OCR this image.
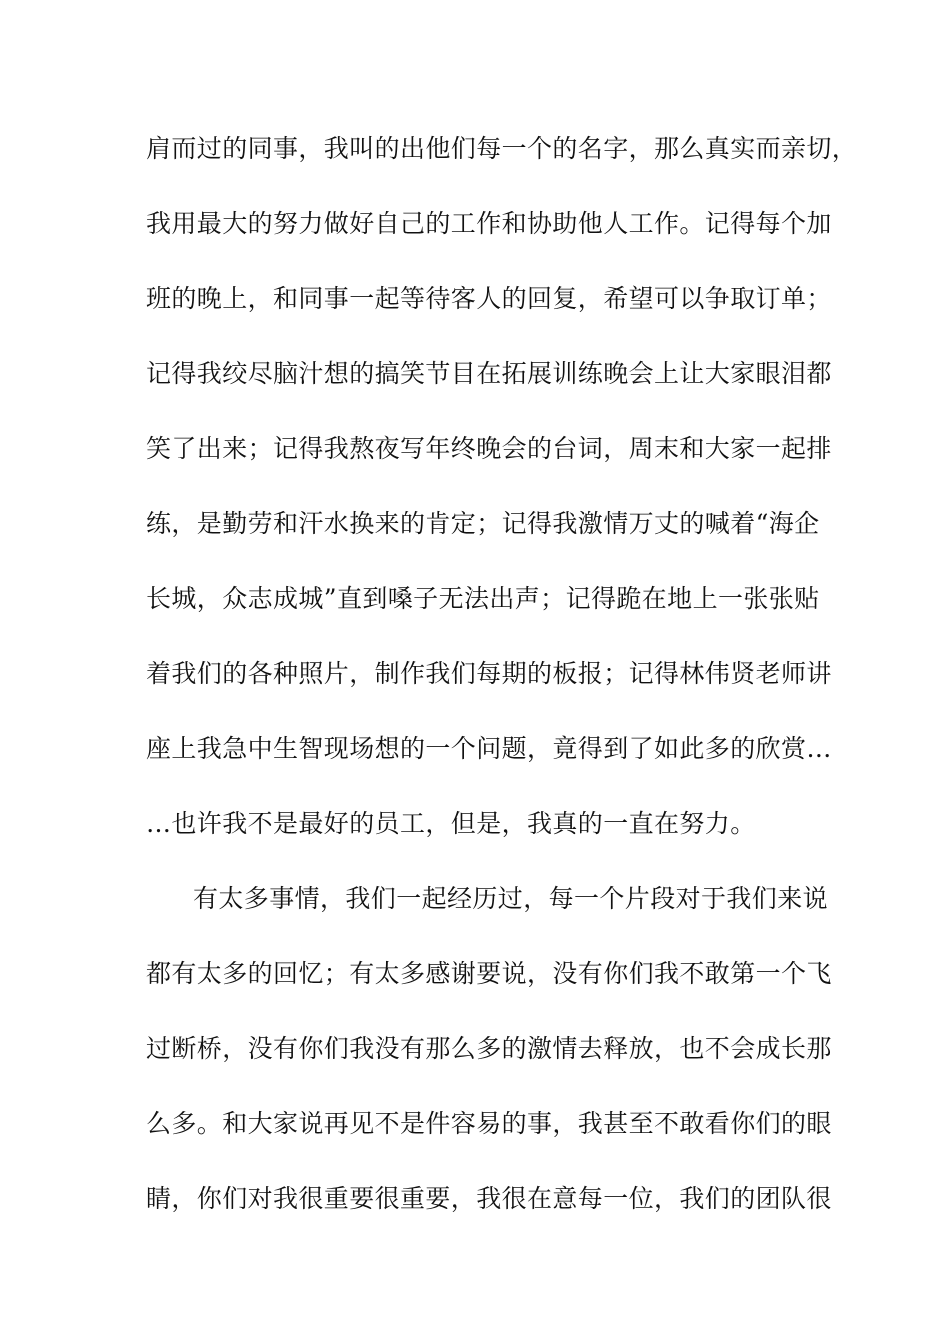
肩而过的同事，我叫的出他们每一个的名字，那么真实而亲切，
我用最大的努力做好自己的工作和协助他人工作。记得每个加
班的晚上，和同事一起等待客人的回复，希望可以争取订单；
记得我绞尽脑汁想的搞笑节目在拓展训练晚会上让大家眼泪都
笑了出来；记得我熬夜写年终晚会的台词，周末和大家一起排
练，是勤劳和汗水换来的肯定；记得我激情万丈的喊着“海企
长城，众志成城”直到嗓子无法出声；记得跪在地上一张张贴
着我们的各种照片，制作我们每期的板报；记得林伟贤老师讲
座上我急中生智现场想的一个问题，竟得到了如此多的欣赏…
…也许我不是最好的员工，但是，我真的一直在努力。
有太多事情，我们一起经历过，每一个片段对于我们来说
都有太多的回忆；有太多感谢要说，没有你们我不敢第一个飞
过断桥，没有你们我没有那么多的激情去释放，也不会成长那
么多。和大家说再见不是件容易的事，我甚至不敢看你们的眼
睛，你们对我很重要很重要，我很在意每一位，我们的团队很
